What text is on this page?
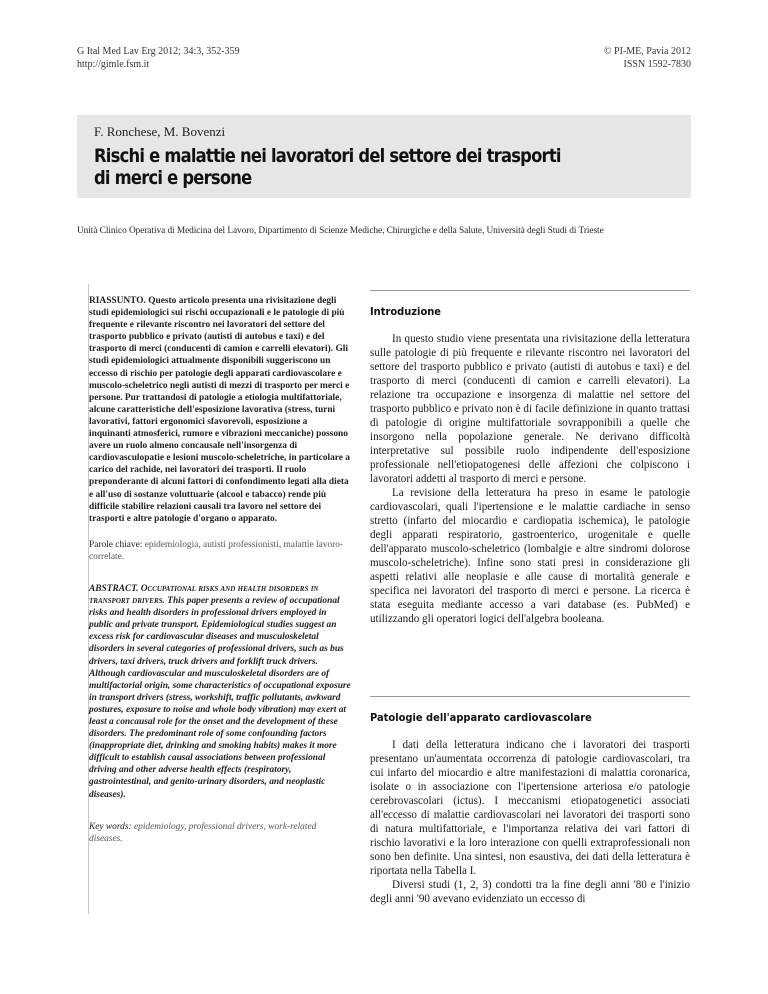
G Ital Med Lav Erg 2012; 34:3, 352-359
http://gimle.fsm.it
© PI-ME, Pavia 2012
ISSN 1592-7830
F. Ronchese, M. Bovenzi
Rischi e malattie nei lavoratori del settore dei trasporti
di merci e persone
Unità Clinico Operativa di Medicina del Lavoro, Dipartimento di Scienze Mediche, Chirurgiche e della Salute, Università degli Studi di Trieste

RIASSUNTO. Questo articolo presenta una rivisitazione degli studi epidemiologici sui rischi occupazionali e le patologie di più frequente e rilevante riscontro nei lavoratori del settore del trasporto pubblico e privato (autisti di autobus e taxi) e del trasporto di merci (conducenti di camion e carrelli elevatori). Gli studi epidemiologici attualmente disponibili suggeriscono un eccesso di rischio per patologie degli apparati cardiovascolare e muscolo-scheletrico negli autisti di mezzi di trasporto per merci e persone. Pur trattandosi di patologie a etiologia multifattoriale, alcune caratteristiche dell'esposizione lavorativa (stress, turni lavorativi, fattori ergonomici sfavorevoli, esposizione a inquinanti atmosferici, rumore e vibrazioni meccaniche) possono avere un ruolo almeno concausale nell'insorgenza di cardiovasculopatie e lesioni muscolo-scheletriche, in particolare a carico del rachide, nei lavoratori dei trasporti. Il ruolo preponderante di alcuni fattori di confondimento legati alla dieta e all'uso di sostanze voluttuarie (alcool e tabacco) rende più difficile stabilire relazioni causali tra lavoro nel settore dei trasporti e altre patologie d'organo o apparato.

Parole chiave: epidemiologia, autisti professionisti, malattie lavoro-correlate.

ABSTRACT. Occupational risks and health disorders in transport drivers. This paper presents a review of occupational risks and health disorders in professional drivers employed in public and private transport. Epidemiological studies suggest an excess risk for cardiovascular diseases and musculoskeletal disorders in several categories of professional drivers, such as bus drivers, taxi drivers, truck drivers and forklift truck drivers. Although cardiovascular and musculoskeletal disorders are of multifactorial origin, some characteristics of occupational exposure in transport drivers (stress, workshift, traffic pollutants, awkward postures, exposure to noise and whole body vibration) may exert at least a concausal role for the onset and the development of these disorders. The predominant role of some confounding factors (inappropriate diet, drinking and smoking habits) makes it more difficult to establish causal associations between professional driving and other adverse health effects (respiratory, gastrointestinal, and genito-urinary disorders, and neoplastic diseases).

Key words: epidemiology, professional drivers, work-related diseases.

Introduzione

In questo studio viene presentata una rivisitazione della letteratura sulle patologie di più frequente e rilevante riscontro nei lavoratori del settore del trasporto pubblico e privato (autisti di autobus e taxi) e del trasporto di merci (conducenti di camion e carrelli elevatori). La relazione tra occupazione e insorgenza di malattie nel settore del trasporto pubblico e privato non è di facile definizione in quanto trattasi di patologie di origine multifattoriale sovrapponibili a quelle che insorgono nella popolazione generale. Ne derivano difficoltà interpretative sul possibile ruolo indipendente dell'esposizione professionale nell'etiopatogenesi delle affezioni che colpiscono i lavoratori addetti al trasporto di merci e persone.

La revisione della letteratura ha preso in esame le patologie cardiovascolari, quali l'ipertensione e le malattie cardiache in senso stretto (infarto del miocardio e cardiopatia ischemica), le patologie degli apparati respiratorio, gastroenterico, urogenitale e quelle dell'apparato muscolo-scheletrico (lombalgie e altre sindromi dolorose muscolo-scheletriche). Infine sono stati presi in considerazione gli aspetti relativi alle neoplasie e alle cause di mortalità generale e specifica nei lavoratori del trasporto di merci e persone. La ricerca è stata eseguita mediante accesso a vari database (es. PubMed) e utilizzando gli operatori logici dell'algebra booleana.

Patologie dell'apparato cardiovascolare

I dati della letteratura indicano che i lavoratori dei trasporti presentano un'aumentata occorrenza di patologie cardiovascolari, tra cui infarto del miocardio e altre manifestazioni di malattia coronarica, isolate o in associazione con l'ipertensione arteriosa e/o patologie cerebrovascolari (ictus). I meccanismi etiopatogenetici associati all'eccesso di malattie cardiovascolari nei lavoratori dei trasporti sono di natura multifattoriale, e l'importanza relativa dei vari fattori di rischio lavorativi e la loro interazione con quelli extraprofessionali non sono ben definite. Una sintesi, non esaustiva, dei dati della letteratura è riportata nella Tabella I.

Diversi studi (1, 2, 3) condotti tra la fine degli anni '80 e l'inizio degli anni '90 avevano evidenziato un eccesso di
